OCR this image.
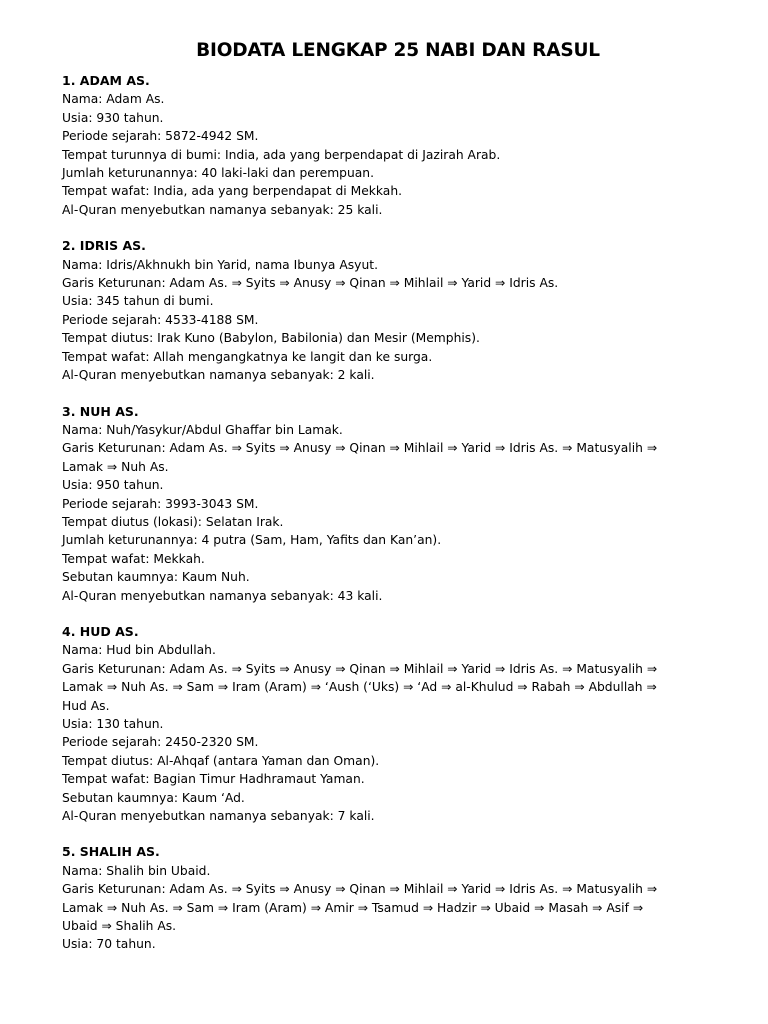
BIODATA LENGKAP 25 NABI DAN RASUL
1. ADAM AS.
Nama: Adam As.
Usia: 930 tahun.
Periode sejarah: 5872-4942 SM.
Tempat turunnya di bumi: India, ada yang berpendapat di Jazirah Arab.
Jumlah keturunannya: 40 laki-laki dan perempuan.
Tempat wafat: India, ada yang berpendapat di Mekkah.
Al-Quran menyebutkan namanya sebanyak: 25 kali.
2. IDRIS AS.
Nama: Idris/Akhnukh bin Yarid, nama Ibunya Asyut.
Garis Keturunan: Adam As. ⇒ Syits ⇒ Anusy ⇒ Qinan ⇒ Mihlail ⇒ Yarid ⇒ Idris As.
Usia: 345 tahun di bumi.
Periode sejarah: 4533-4188 SM.
Tempat diutus: Irak Kuno (Babylon, Babilonia) dan Mesir (Memphis).
Tempat wafat: Allah mengangkatnya ke langit dan ke surga.
Al-Quran menyebutkan namanya sebanyak: 2 kali.
3. NUH AS.
Nama: Nuh/Yasykur/Abdul Ghaffar bin Lamak.
Garis Keturunan: Adam As. ⇒ Syits ⇒ Anusy ⇒ Qinan ⇒ Mihlail ⇒ Yarid ⇒ Idris As. ⇒ Matusyalih ⇒
Lamak ⇒ Nuh As.
Usia: 950 tahun.
Periode sejarah: 3993-3043 SM.
Tempat diutus (lokasi): Selatan Irak.
Jumlah keturunannya: 4 putra (Sam, Ham, Yafits dan Kan’an).
Tempat wafat: Mekkah.
Sebutan kaumnya: Kaum Nuh.
Al-Quran menyebutkan namanya sebanyak: 43 kali.
4. HUD AS.
Nama: Hud bin Abdullah.
Garis Keturunan: Adam As. ⇒ Syits ⇒ Anusy ⇒ Qinan ⇒ Mihlail ⇒ Yarid ⇒ Idris As. ⇒ Matusyalih ⇒
Lamak ⇒ Nuh As. ⇒ Sam ⇒ Iram (Aram) ⇒ ‘Aush (‘Uks) ⇒ ‘Ad ⇒ al-Khulud ⇒ Rabah ⇒ Abdullah ⇒
Hud As.
Usia: 130 tahun.
Periode sejarah: 2450-2320 SM.
Tempat diutus: Al-Ahqaf (antara Yaman dan Oman).
Tempat wafat: Bagian Timur Hadhramaut Yaman.
Sebutan kaumnya: Kaum ‘Ad.
Al-Quran menyebutkan namanya sebanyak: 7 kali.
5. SHALIH AS.
Nama: Shalih bin Ubaid.
Garis Keturunan: Adam As. ⇒ Syits ⇒ Anusy ⇒ Qinan ⇒ Mihlail ⇒ Yarid ⇒ Idris As. ⇒ Matusyalih ⇒
Lamak ⇒ Nuh As. ⇒ Sam ⇒ Iram (Aram) ⇒ Amir ⇒ Tsamud ⇒ Hadzir ⇒ Ubaid ⇒ Masah ⇒ Asif ⇒
Ubaid ⇒ Shalih As.
Usia: 70 tahun.
